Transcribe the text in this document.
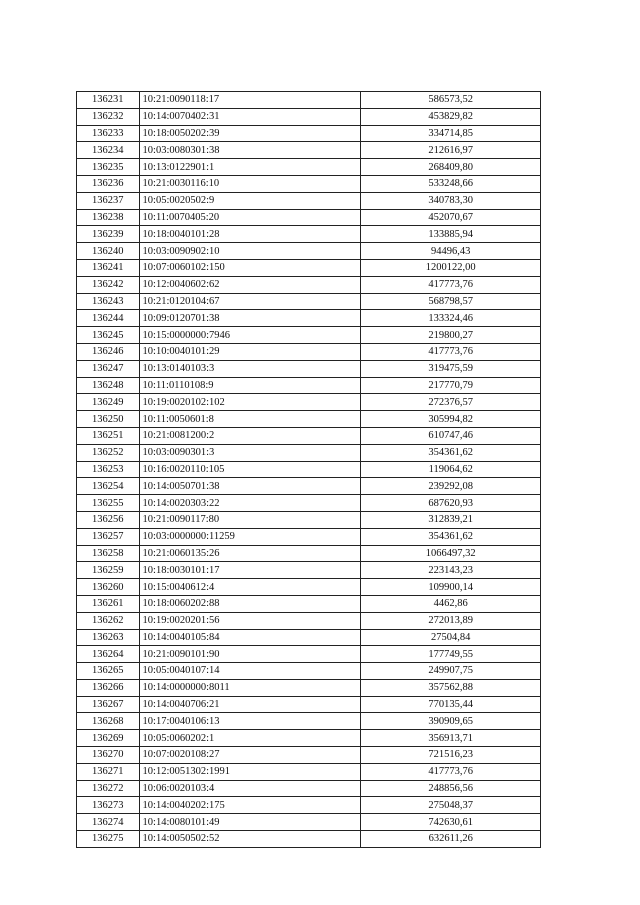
136231	10:21:0090118:17	586573,52
136232	10:14:0070402:31	453829,82
136233	10:18:0050202:39	334714,85
136234	10:03:0080301:38	212616,97
136235	10:13:0122901:1	268409,80
136236	10:21:0030116:10	533248,66
136237	10:05:0020502:9	340783,30
136238	10:11:0070405:20	452070,67
136239	10:18:0040101:28	133885,94
136240	10:03:0090902:10	94496,43
136241	10:07:0060102:150	1200122,00
136242	10:12:0040602:62	417773,76
136243	10:21:0120104:67	568798,57
136244	10:09:0120701:38	133324,46
136245	10:15:0000000:7946	219800,27
136246	10:10:0040101:29	417773,76
136247	10:13:0140103:3	319475,59
136248	10:11:0110108:9	217770,79
136249	10:19:0020102:102	272376,57
136250	10:11:0050601:8	305994,82
136251	10:21:0081200:2	610747,46
136252	10:03:0090301:3	354361,62
136253	10:16:0020110:105	119064,62
136254	10:14:0050701:38	239292,08
136255	10:14:0020303:22	687620,93
136256	10:21:0090117:80	312839,21
136257	10:03:0000000:11259	354361,62
136258	10:21:0060135:26	1066497,32
136259	10:18:0030101:17	223143,23
136260	10:15:0040612:4	109900,14
136261	10:18:0060202:88	4462,86
136262	10:19:0020201:56	272013,89
136263	10:14:0040105:84	27504,84
136264	10:21:0090101:90	177749,55
136265	10:05:0040107:14	249907,75
136266	10:14:0000000:8011	357562,88
136267	10:14:0040706:21	770135,44
136268	10:17:0040106:13	390909,65
136269	10:05:0060202:1	356913,71
136270	10:07:0020108:27	721516,23
136271	10:12:0051302:1991	417773,76
136272	10:06:0020103:4	248856,56
136273	10:14:0040202:175	275048,37
136274	10:14:0080101:49	742630,61
136275	10:14:0050502:52	632611,26
